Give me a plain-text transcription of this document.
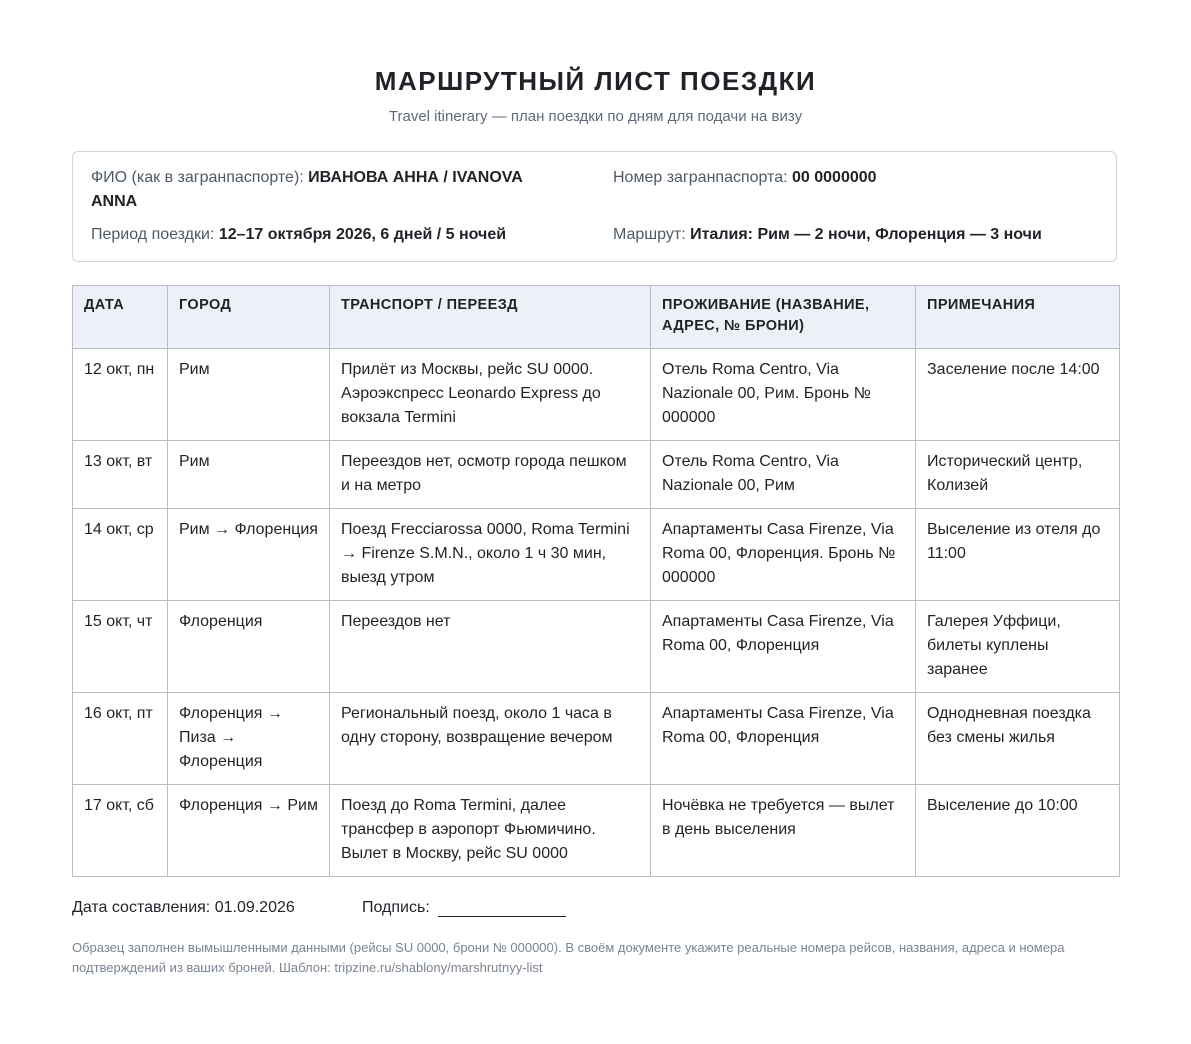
МАРШРУТНЫЙ ЛИСТ ПОЕЗДКИ
Travel itinerary — план поездки по дням для подачи на визу
ФИО (как в загранпаспорте): ИВАНОВА АННА / IVANOVA ANNA
Номер загранпаспорта: 00 0000000
Период поездки: 12–17 октября 2026, 6 дней / 5 ночей	Маршрут: Италия: Рим — 2 ночи, Флоренция — 3 ночи
ДАТА	ГОРОД	ТРАНСПОРТ / ПЕРЕЕЗД	ПРОЖИВАНИЕ (НАЗВАНИЕ, АДРЕС, № БРОНИ)	ПРИМЕЧАНИЯ
12 окт, пн	Рим	Прилёт из Москвы, рейс SU 0000. Аэроэкспресс Leonardo Express до вокзала Termini	Отель Roma Centro, Via Nazionale 00, Рим. Бронь № 000000	Заселение после 14:00
13 окт, вт	Рим	Переездов нет, осмотр города пешком и на метро	Отель Roma Centro, Via Nazionale 00, Рим	Исторический центр, Колизей
14 окт, ср	Рим → Флоренция	Поезд Frecciarossa 0000, Roma Termini → Firenze S.M.N., около 1 ч 30 мин, выезд утром	Апартаменты Casa Firenze, Via Roma 00, Флоренция. Бронь № 000000	Выселение из отеля до 11:00
15 окт, чт	Флоренция	Переездов нет	Апартаменты Casa Firenze, Via Roma 00, Флоренция	Галерея Уффици, билеты куплены заранее
16 окт, пт	Флоренция → Пиза → Флоренция	Региональный поезд, около 1 часа в одну сторону, возвращение вечером	Апартаменты Casa Firenze, Via Roma 00, Флоренция	Однодневная поездка без смены жилья
17 окт, сб	Флоренция → Рим	Поезд до Roma Termini, далее трансфер в аэропорт Фьюмичино. Вылет в Москву, рейс SU 0000	Ночёвка не требуется — вылет в день выселения	Выселение до 10:00
Дата составления: 01.09.2026	Подпись:
Образец заполнен вымышленными данными (рейсы SU 0000, брони № 000000). В своём документе укажите реальные номера рейсов, названия, адреса и номера подтверждений из ваших броней. Шаблон: tripzine.ru/shablony/marshrutnyy-list
